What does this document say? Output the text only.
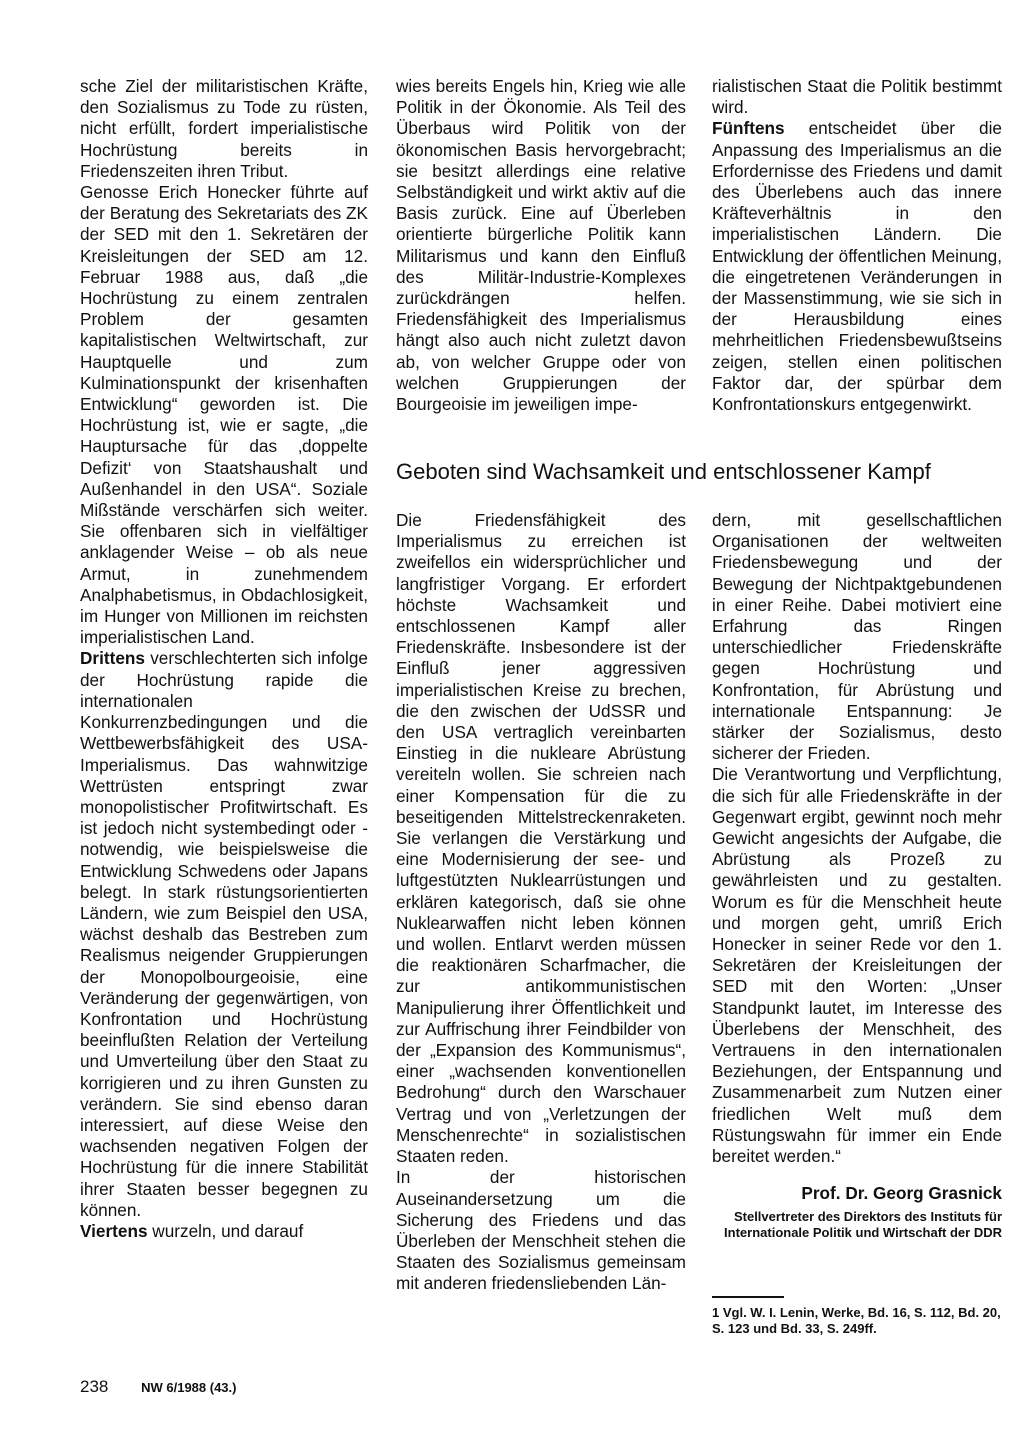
sche Ziel der militaristischen Kräfte, den Sozialismus zu Tode zu rüsten, nicht erfüllt, fordert imperialistische Hochrüstung bereits in Friedenszeiten ihren Tribut.

Genosse Erich Honecker führte auf der Beratung des Sekretariats des ZK der SED mit den 1. Sekretären der Kreisleitungen der SED am 12. Februar 1988 aus, daß „die Hochrüstung zu einem zentralen Problem der gesamten kapitalistischen Weltwirtschaft, zur Hauptquelle und zum Kulminationspunkt der krisenhaften Entwicklung“ geworden ist. Die Hochrüstung ist, wie er sagte, „die Hauptursache für das ‚doppelte Defizit‘ von Staatshaushalt und Außenhandel in den USA“. Soziale Mißstände verschärfen sich weiter. Sie offenbaren sich in vielfältiger anklagender Weise – ob als neue Armut, in zunehmendem Analphabetismus, in Obdachlosigkeit, im Hunger von Millionen im reichsten imperialistischen Land.

Drittens verschlechterten sich infolge der Hochrüstung rapide die internationalen Konkurrenzbedingungen und die Wettbewerbsfähigkeit des USA-Imperialismus. Das wahnwitzige Wettrüsten entspringt zwar monopolistischer Profitwirtschaft. Es ist jedoch nicht systembedingt oder -notwendig, wie beispielsweise die Entwicklung Schwedens oder Japans belegt. In stark rüstungsorientierten Ländern, wie zum Beispiel den USA, wächst deshalb das Bestreben zum Realismus neigender Gruppierungen der Monopolbourgeoisie, eine Veränderung der gegenwärtigen, von Konfrontation und Hochrüstung beeinflußten Relation der Verteilung und Umverteilung über den Staat zu korrigieren und zu ihren Gunsten zu verändern. Sie sind ebenso daran interessiert, auf diese Weise den wachsenden negativen Folgen der Hochrüstung für die innere Stabilität ihrer Staaten besser begegnen zu können.

Viertens wurzeln, und darauf

wies bereits Engels hin, Krieg wie alle Politik in der Ökonomie. Als Teil des Überbaus wird Politik von der ökonomischen Basis hervorgebracht; sie besitzt allerdings eine relative Selbständigkeit und wirkt aktiv auf die Basis zurück. Eine auf Überleben orientierte bürgerliche Politik kann Militarismus und kann den Einfluß des Militär-Industrie-Komplexes zurückdrängen helfen. Friedensfähigkeit des Imperialismus hängt also auch nicht zuletzt davon ab, von welcher Gruppe oder von welchen Gruppierungen der Bourgeoisie im jeweiligen impe-

rialistischen Staat die Politik bestimmt wird.

Fünftens entscheidet über die Anpassung des Imperialismus an die Erfordernisse des Friedens und damit des Überlebens auch das innere Kräfteverhältnis in den imperialistischen Ländern. Die Entwicklung der öffentlichen Meinung, die eingetretenen Veränderungen in der Massenstimmung, wie sie sich in der Herausbildung eines mehrheitlichen Friedensbewußtseins zeigen, stellen einen politischen Faktor dar, der spürbar dem Konfrontationskurs entgegenwirkt.

Geboten sind Wachsamkeit und entschlossener Kampf

Die Friedensfähigkeit des Imperialismus zu erreichen ist zweifellos ein widersprüchlicher und langfristiger Vorgang. Er erfordert höchste Wachsamkeit und entschlossenen Kampf aller Friedenskräfte. Insbesondere ist der Einfluß jener aggressiven imperialistischen Kreise zu brechen, die den zwischen der UdSSR und den USA vertraglich vereinbarten Einstieg in die nukleare Abrüstung vereiteln wollen. Sie schreien nach einer Kompensation für die zu beseitigenden Mittelstreckenraketen. Sie verlangen die Verstärkung und eine Modernisierung der see- und luftgestützten Nuklearrüstungen und erklären kategorisch, daß sie ohne Nuklearwaffen nicht leben können und wollen. Entlarvt werden müssen die reaktionären Scharfmacher, die zur antikommunistischen Manipulierung ihrer Öffentlichkeit und zur Auffrischung ihrer Feindbilder von der „Expansion des Kommunismus“, einer „wachsenden konventionellen Bedrohung“ durch den Warschauer Vertrag und von „Verletzungen der Menschenrechte“ in sozialistischen Staaten reden.

In der historischen Auseinandersetzung um die Sicherung des Friedens und das Überleben der Menschheit stehen die Staaten des Sozialismus gemeinsam mit anderen friedensliebenden Län-

dern, mit gesellschaftlichen Organisationen der weltweiten Friedensbewegung und der Bewegung der Nichtpaktgebundenen in einer Reihe. Dabei motiviert eine Erfahrung das Ringen unterschiedlicher Friedenskräfte gegen Hochrüstung und Konfrontation, für Abrüstung und internationale Entspannung: Je stärker der Sozialismus, desto sicherer der Frieden.

Die Verantwortung und Verpflichtung, die sich für alle Friedenskräfte in der Gegenwart ergibt, gewinnt noch mehr Gewicht angesichts der Aufgabe, die Abrüstung als Prozeß zu gewährleisten und zu gestalten. Worum es für die Menschheit heute und morgen geht, umriß Erich Honecker in seiner Rede vor den 1. Sekretären der Kreisleitungen der SED mit den Worten: „Unser Standpunkt lautet, im Interesse des Überlebens der Menschheit, des Vertrauens in den internationalen Beziehungen, der Entspannung und Zusammenarbeit zum Nutzen einer friedlichen Welt muß dem Rüstungswahn für immer ein Ende bereitet werden.“

Prof. Dr. Georg Grasnick
Stellvertreter des Direktors des Instituts für Internationale Politik und Wirtschaft der DDR
1 Vgl. W. I. Lenin, Werke, Bd. 16, S. 112, Bd. 20, S. 123 und Bd. 33, S. 249ff.
238	NW 6/1988 (43.)
